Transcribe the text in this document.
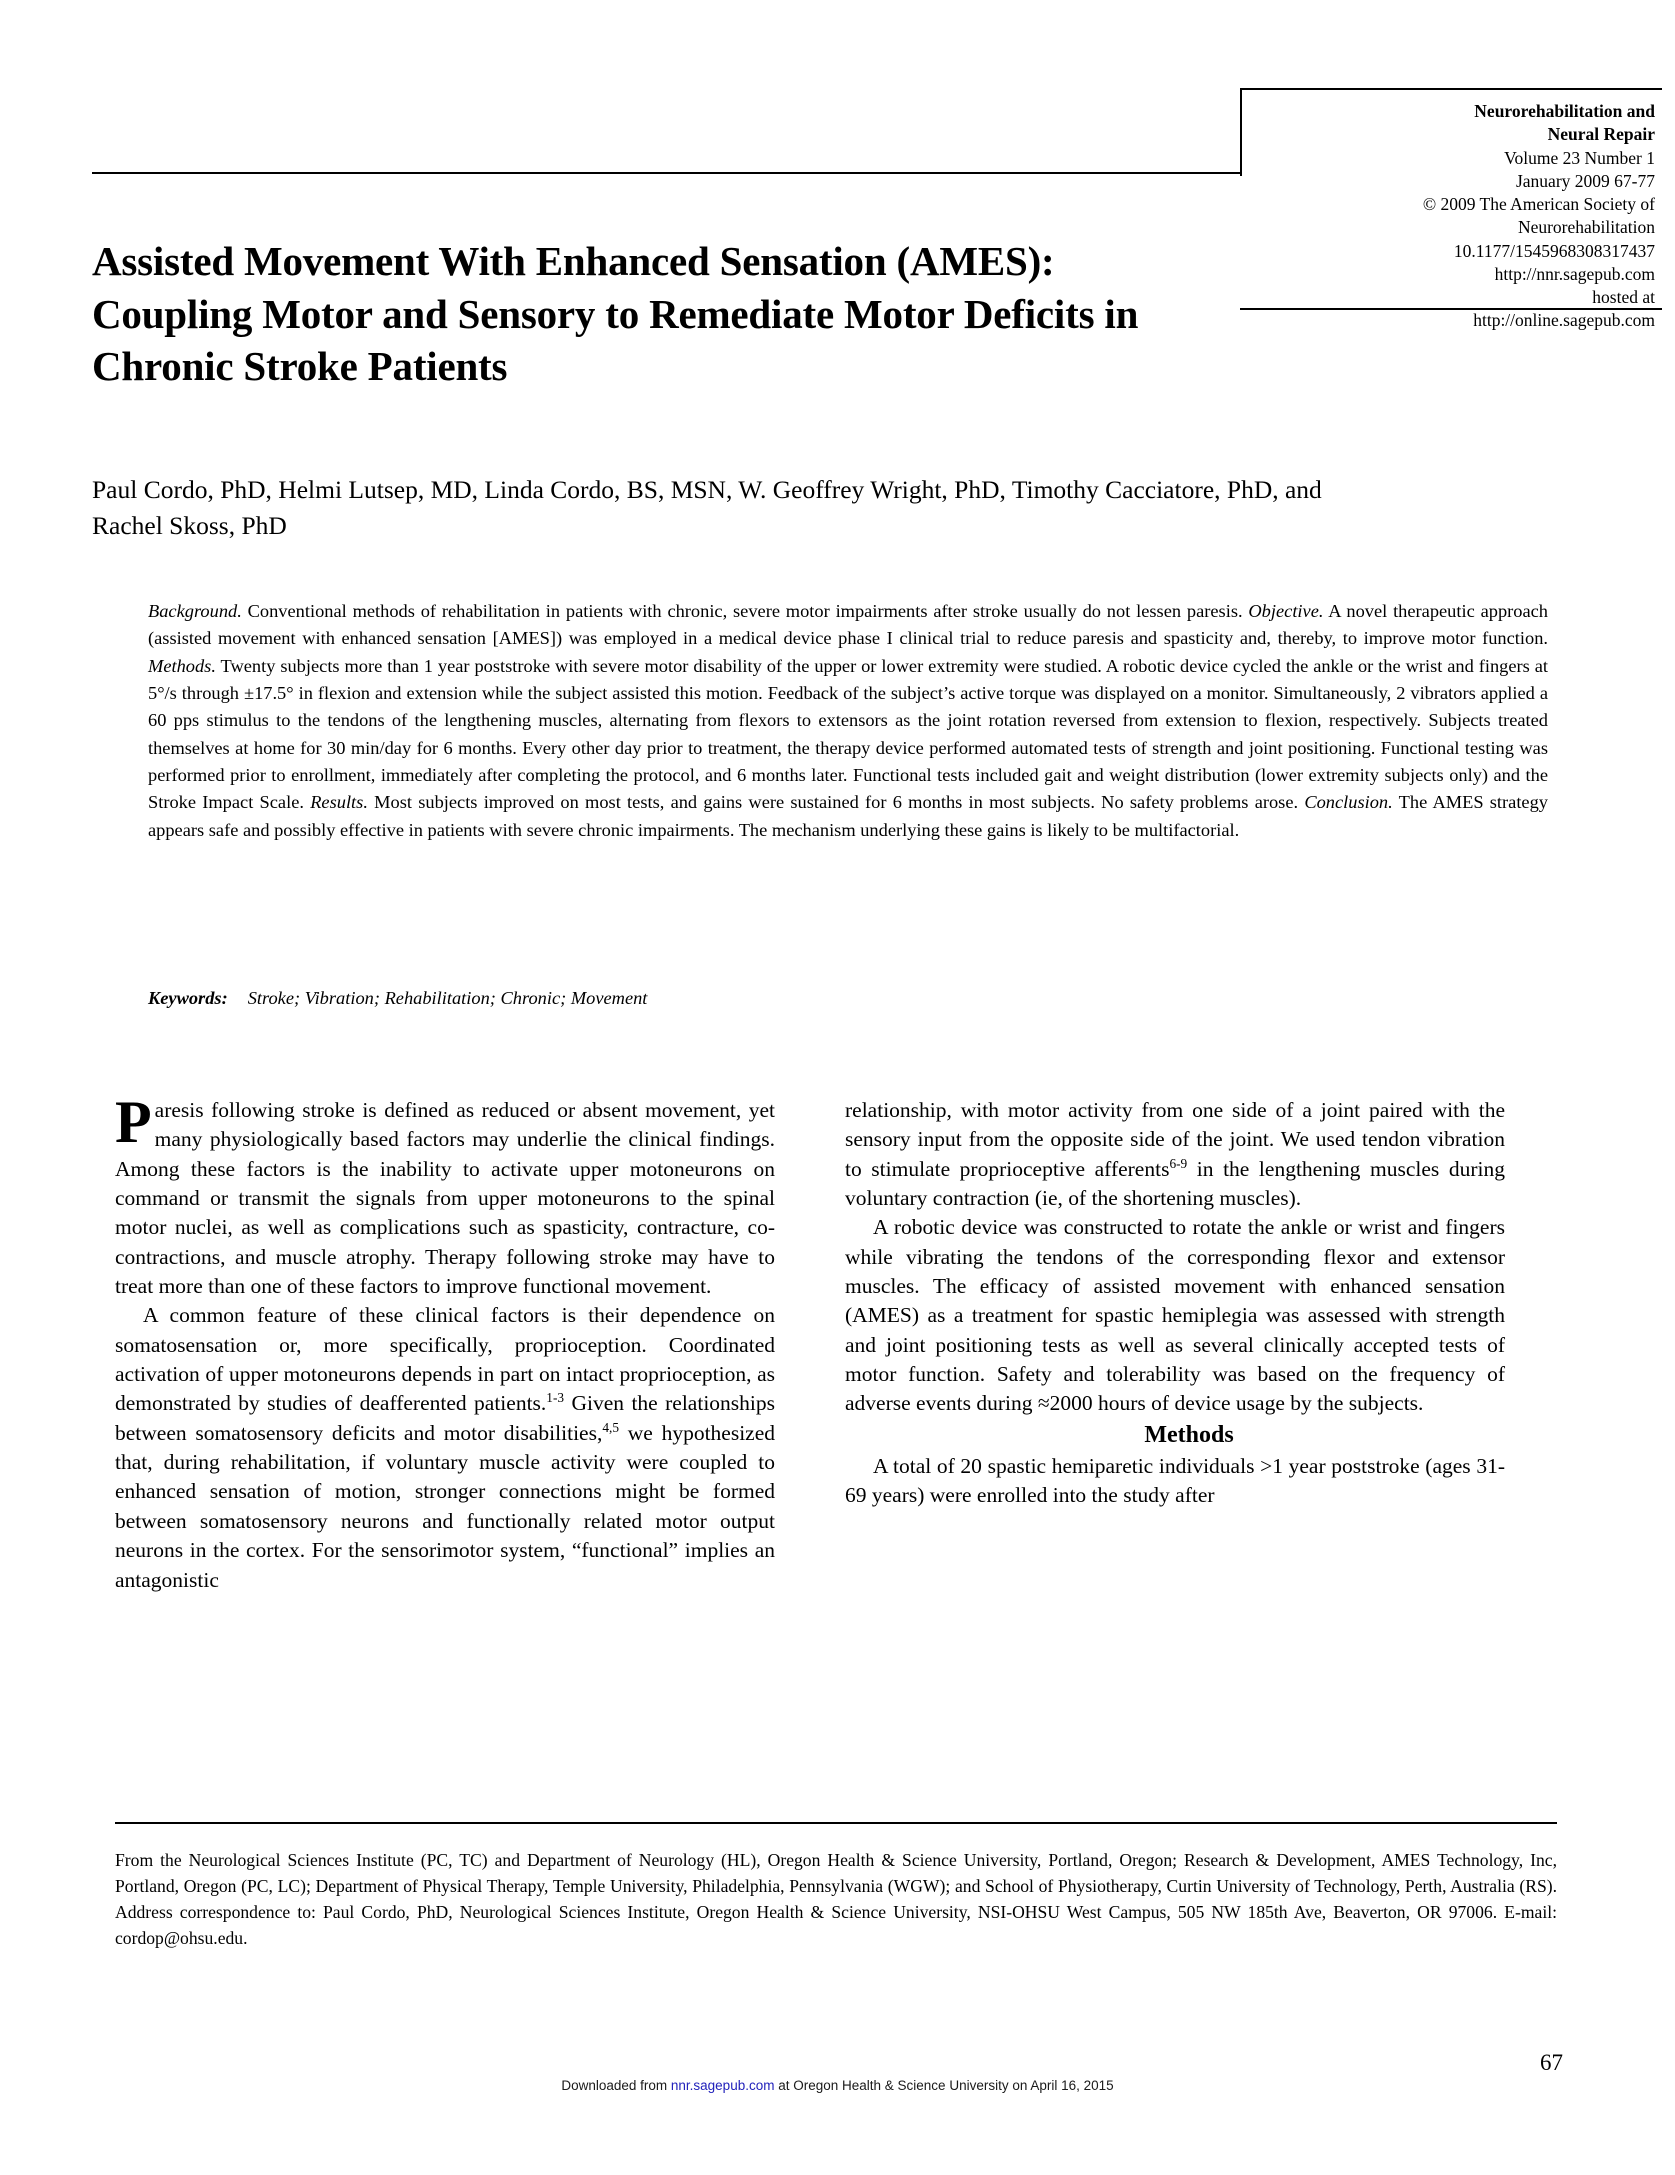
Neurorehabilitation and
Neural Repair
Volume 23 Number 1
January 2009 67-77
© 2009 The American Society of
Neurorehabilitation
10.1177/1545968308317437
http://nnr.sagepub.com
hosted at
http://online.sagepub.com
Assisted Movement With Enhanced Sensation (AMES): Coupling Motor and Sensory to Remediate Motor Deficits in Chronic Stroke Patients
Paul Cordo, PhD, Helmi Lutsep, MD, Linda Cordo, BS, MSN, W. Geoffrey Wright, PhD, Timothy Cacciatore, PhD, and Rachel Skoss, PhD
Background. Conventional methods of rehabilitation in patients with chronic, severe motor impairments after stroke usually do not lessen paresis. Objective. A novel therapeutic approach (assisted movement with enhanced sensation [AMES]) was employed in a medical device phase I clinical trial to reduce paresis and spasticity and, thereby, to improve motor function. Methods. Twenty subjects more than 1 year poststroke with severe motor disability of the upper or lower extremity were studied. A robotic device cycled the ankle or the wrist and fingers at 5°/s through ±17.5° in flexion and extension while the subject assisted this motion. Feedback of the subject’s active torque was displayed on a monitor. Simultaneously, 2 vibrators applied a 60 pps stimulus to the tendons of the lengthening muscles, alternating from flexors to extensors as the joint rotation reversed from extension to flexion, respectively. Subjects treated themselves at home for 30 min/day for 6 months. Every other day prior to treatment, the therapy device performed automated tests of strength and joint positioning. Functional testing was performed prior to enrollment, immediately after completing the protocol, and 6 months later. Functional tests included gait and weight distribution (lower extremity subjects only) and the Stroke Impact Scale. Results. Most subjects improved on most tests, and gains were sustained for 6 months in most subjects. No safety problems arose. Conclusion. The AMES strategy appears safe and possibly effective in patients with severe chronic impairments. The mechanism underlying these gains is likely to be multifactorial.
Keywords: Stroke; Vibration; Rehabilitation; Chronic; Movement

Paresis following stroke is defined as reduced or absent movement, yet many physiologically based factors may underlie the clinical findings. Among these factors is the inability to activate upper motoneurons on command or transmit the signals from upper motoneurons to the spinal motor nuclei, as well as complications such as spasticity, contracture, co-contractions, and muscle atrophy. Therapy following stroke may have to treat more than one of these factors to improve functional movement.

A common feature of these clinical factors is their dependence on somatosensation or, more specifically, proprioception. Coordinated activation of upper motoneurons depends in part on intact proprioception, as demonstrated by studies of deafferented patients.$^{1-3}$ Given the relationships between somatosensory deficits and motor disabilities,$^{4,5}$ we hypothesized that, during rehabilitation, if voluntary muscle activity were coupled to enhanced sensation of motion, stronger connections might be formed between somatosensory neurons and functionally related motor output neurons in the cortex. For the sensorimotor system, “functional” implies an antagonistic

relationship, with motor activity from one side of a joint paired with the sensory input from the opposite side of the joint. We used tendon vibration to stimulate proprioceptive afferents$^{6-9}$ in the lengthening muscles during voluntary contraction (ie, of the shortening muscles).

A robotic device was constructed to rotate the ankle or wrist and fingers while vibrating the tendons of the corresponding flexor and extensor muscles. The efficacy of assisted movement with enhanced sensation (AMES) as a treatment for spastic hemiplegia was assessed with strength and joint positioning tests as well as several clinically accepted tests of motor function. Safety and tolerability was based on the frequency of adverse events during ≈2000 hours of device usage by the subjects.

Methods

A total of 20 spastic hemiparetic individuals >1 year poststroke (ages 31-69 years) were enrolled into the study after

From the Neurological Sciences Institute (PC, TC) and Department of Neurology (HL), Oregon Health & Science University, Portland, Oregon; Research & Development, AMES Technology, Inc, Portland, Oregon (PC, LC); Department of Physical Therapy, Temple University, Philadelphia, Pennsylvania (WGW); and School of Physiotherapy, Curtin University of Technology, Perth, Australia (RS). Address correspondence to: Paul Cordo, PhD, Neurological Sciences Institute, Oregon Health & Science University, NSI-OHSU West Campus, 505 NW 185th Ave, Beaverton, OR 97006. E-mail: cordop@ohsu.edu.
Downloaded from nnr.sagepub.com at Oregon Health & Science University on April 16, 2015
67
